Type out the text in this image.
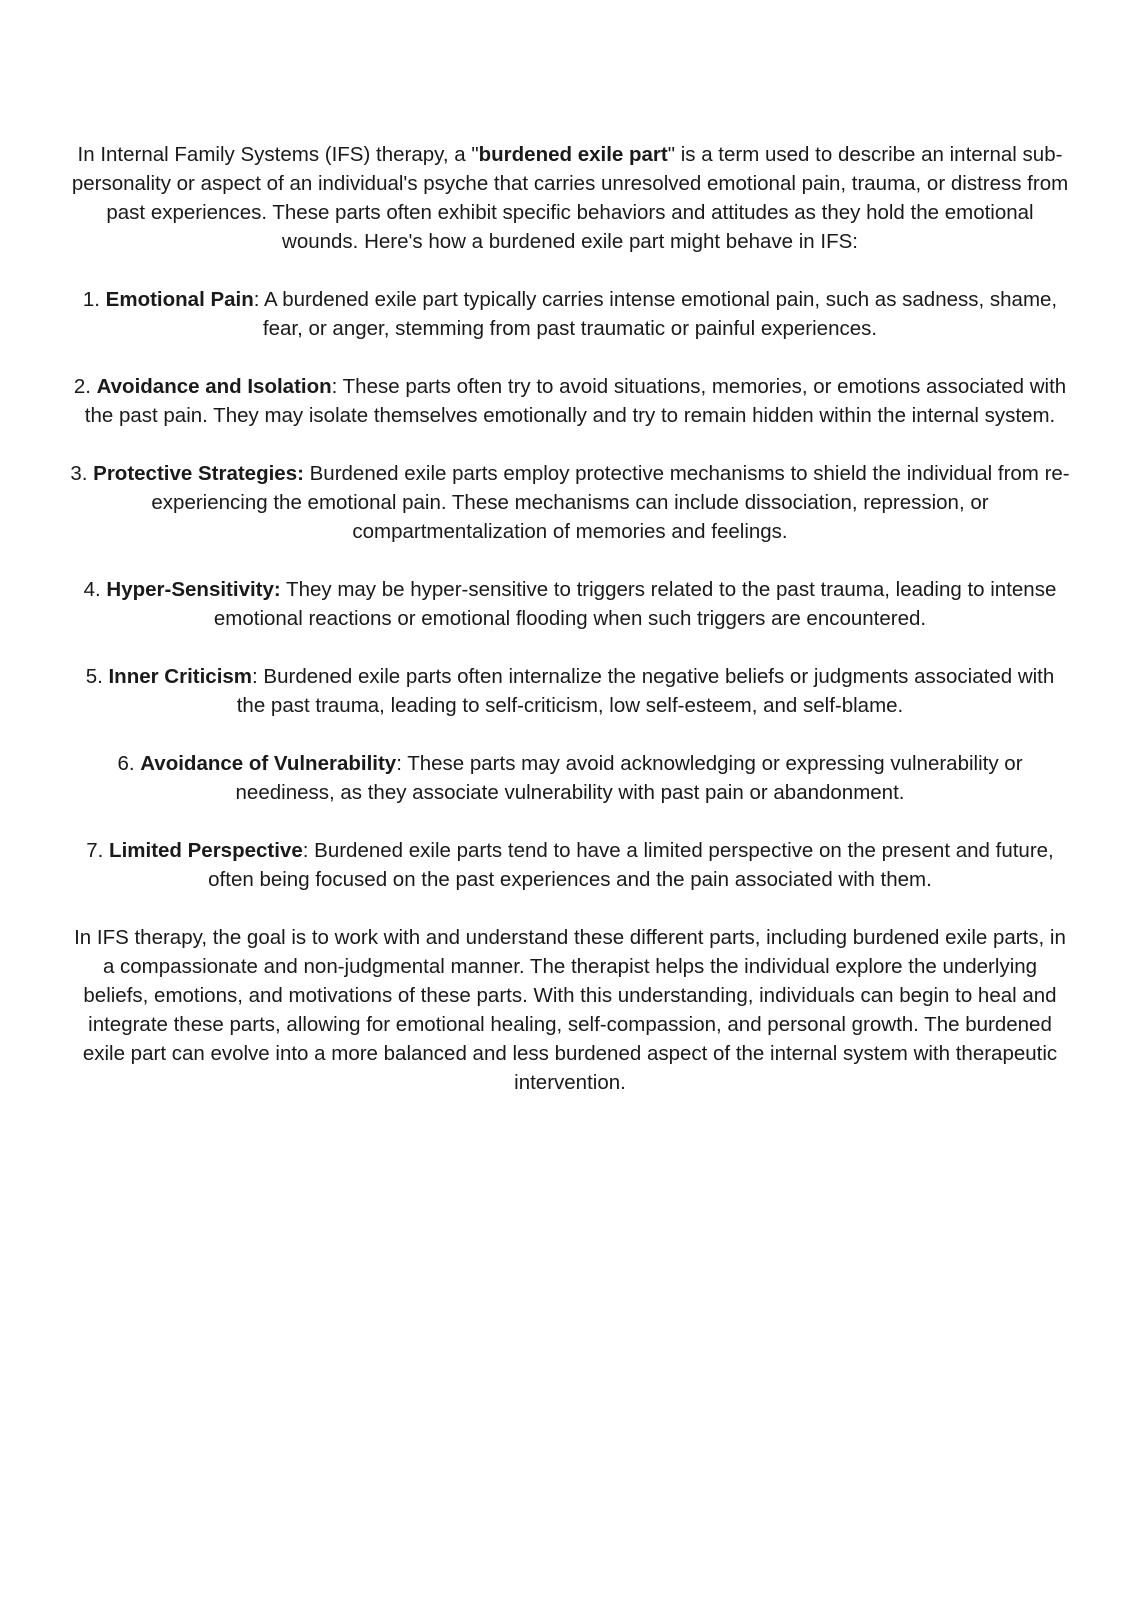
In Internal Family Systems (IFS) therapy, a "burdened exile part" is a term used to describe an internal sub-personality or aspect of an individual's psyche that carries unresolved emotional pain, trauma, or distress from past experiences. These parts often exhibit specific behaviors and attitudes as they hold the emotional wounds. Here's how a burdened exile part might behave in IFS:

1. Emotional Pain: A burdened exile part typically carries intense emotional pain, such as sadness, shame, fear, or anger, stemming from past traumatic or painful experiences.

2. Avoidance and Isolation: These parts often try to avoid situations, memories, or emotions associated with the past pain. They may isolate themselves emotionally and try to remain hidden within the internal system.

3. Protective Strategies: Burdened exile parts employ protective mechanisms to shield the individual from re-experiencing the emotional pain. These mechanisms can include dissociation, repression, or compartmentalization of memories and feelings.

4. Hyper-Sensitivity: They may be hyper-sensitive to triggers related to the past trauma, leading to intense emotional reactions or emotional flooding when such triggers are encountered.

5. Inner Criticism: Burdened exile parts often internalize the negative beliefs or judgments associated with the past trauma, leading to self-criticism, low self-esteem, and self-blame.

6. Avoidance of Vulnerability: These parts may avoid acknowledging or expressing vulnerability or neediness, as they associate vulnerability with past pain or abandonment.

7. Limited Perspective: Burdened exile parts tend to have a limited perspective on the present and future, often being focused on the past experiences and the pain associated with them.

In IFS therapy, the goal is to work with and understand these different parts, including burdened exile parts, in a compassionate and non-judgmental manner. The therapist helps the individual explore the underlying beliefs, emotions, and motivations of these parts. With this understanding, individuals can begin to heal and integrate these parts, allowing for emotional healing, self-compassion, and personal growth. The burdened exile part can evolve into a more balanced and less burdened aspect of the internal system with therapeutic intervention.
